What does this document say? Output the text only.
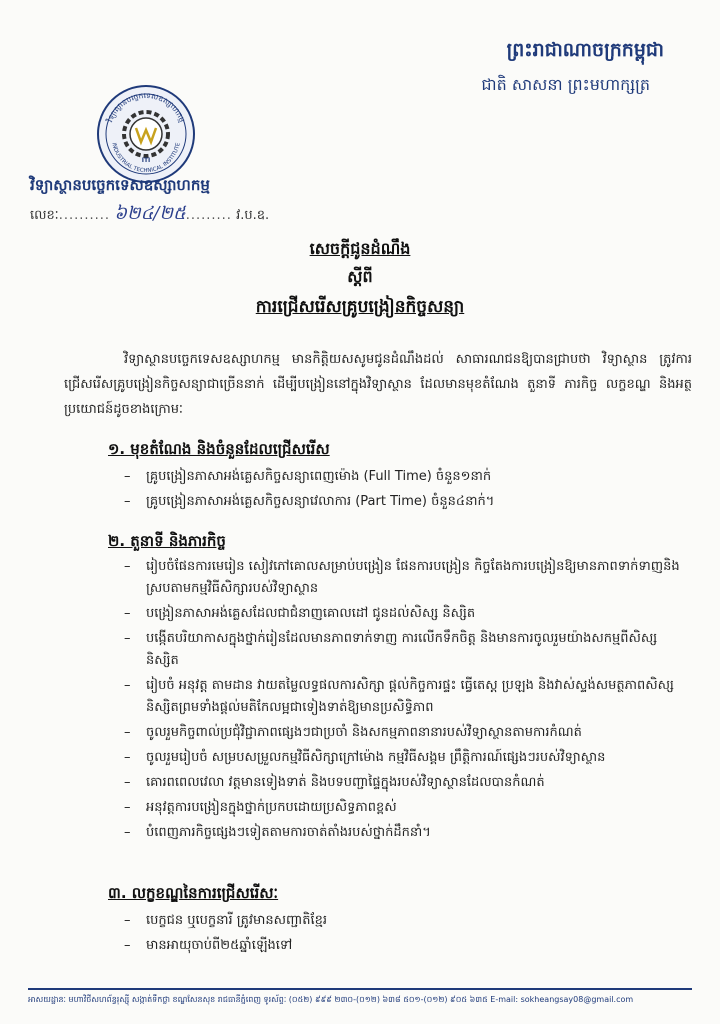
ព្រះរាជាណាចក្រកម្ពុជា
ជាតិ សាសនា ព្រះមហាក្សត្រ
វិទ្យាស្ថានបច្ចេកទេសឧស្សាហកម្ម
INDUSTRIAL TECHNICAL INSTITUTE
ITI
វិទ្យាស្ថានបច្ចេកទេសឧស្សាហកម្ម
លេខៈ.......... ៦២៤/២៥......... វ.ប.ឧ.
សេចក្តីជូនដំណឹង
ស្តីពី
ការជ្រើសរើសគ្រូបង្រៀនកិច្ចសន្យា
វិទ្យាស្ថានបច្ចេកទេសឧស្សាហកម្ម មានកិត្តិយសសូមជូនដំណឹងដល់ សាធារណជនឱ្យបានជ្រាបថា វិទ្យាស្ថាន ត្រូវការជ្រើសរើសគ្រូបង្រៀនកិច្ចសន្យាជាច្រើននាក់ ដើម្បីបង្រៀននៅក្នុងវិទ្យាស្ថាន ដែលមានមុខតំណែង តួនាទី ភារកិច្ច លក្ខខណ្ឌ និងអត្ថប្រយោជន៍ដូចខាងក្រោមៈ
១. មុខតំណែង និងចំនួនដែលជ្រើសរើស
– គ្រូបង្រៀនភាសាអង់គ្លេសកិច្ចសន្យាពេញម៉ោង (Full Time) ចំនួន១នាក់
– គ្រូបង្រៀនភាសាអង់គ្លេសកិច្ចសន្យាវេលាការ (Part Time) ចំនួន៤នាក់។
២. តួនាទី និងភារកិច្ច
– រៀបចំផែនការមេរៀន សៀវភៅគោលសម្រាប់បង្រៀន ផែនការបង្រៀន កិច្ចតែងការបង្រៀនឱ្យមានភាពទាក់ទាញនិងស្របតាមកម្មវិធីសិក្សារបស់វិទ្យាស្ថាន
– បង្រៀនភាសាអង់គ្លេសដែលជាជំនាញគោលដៅ ជូនដល់សិស្ស និស្សិត
– បង្កើតបរិយាកាសក្នុងថ្នាក់រៀនដែលមានភាពទាក់ទាញ ការលើកទឹកចិត្ត និងមានការចូលរួមយ៉ាងសកម្មពីសិស្ស និស្សិត
– រៀបចំ អនុវត្ត តាមដាន វាយតម្លៃលទ្ធផលការសិក្សា ផ្តល់កិច្ចការផ្ទះ ធ្វើតេស្ត ប្រឡង និងវាស់ស្ទង់សមត្ថភាពសិស្ស និស្សិតព្រមទាំងផ្តល់មតិកែលម្អជាទៀងទាត់ឱ្យមានប្រសិទ្ធិភាព
– ចូលរួមកិច្ចពាល់ប្រជុំវិជ្ជាភាពផ្សេងៗជាប្រចាំ និងសកម្មភាពនានារបស់វិទ្យាស្ថានតាមការកំណត់
– ចូលរួមរៀបចំ សម្របសម្រួលកម្មវិធីសិក្សាក្រៅម៉ោង កម្មវិធីសង្គម ព្រឹត្តិការណ៍ផ្សេងៗរបស់វិទ្យាស្ថាន
– គោរពពេលវេលា វត្តមានទៀងទាត់ និងបទបញ្ជាផ្ទៃក្នុងរបស់វិទ្យាស្ថានដែលបានកំណត់
– អនុវត្តការបង្រៀនក្នុងថ្នាក់ប្រកបដោយប្រសិទ្ធភាពខ្ពស់
– បំពេញភារកិច្ចផ្សេងៗទៀតតាមការចាត់តាំងរបស់ថ្នាក់ដឹកនាំ។
៣. លក្ខខណ្ឌនៃការជ្រើសរើសៈ
– បេក្ខជន ឬបេក្ខនារី ត្រូវមានសញ្ជាតិខ្មែរ
– មានអាយុចាប់ពី២៥ឆ្នាំឡើងទៅ
អាសយដ្ឋានៈ មហាវិថីសហព័ន្ធរុស្ស៊ី សង្កាត់ទឹកថ្លា ខណ្ឌសែនសុខ រាជធានីភ្នំពេញ ទូរស័ព្ទៈ (០៥២) ៩៩៩ ២៣០-(០១២) ៦៣៨ ៥០១-(០១២) ៩០៥ ៦៣៥ E-mail: sokheangsay08@gmail.com
